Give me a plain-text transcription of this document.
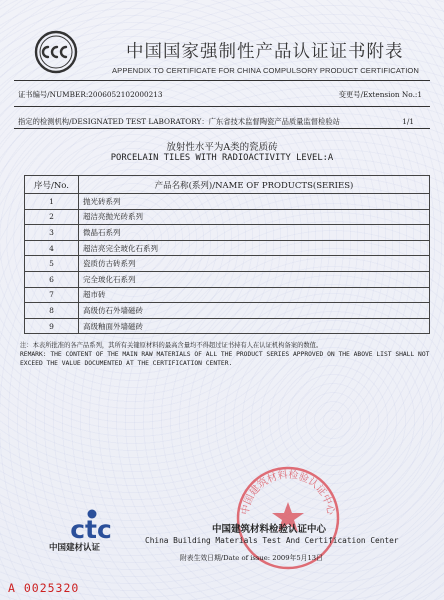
中国国家强制性产品认证证书附表
APPENDIX TO CERTIFICATE FOR CHINA COMPULSORY PRODUCT CERTIFICATION
证书编号/NUMBER:2006052102000213	变更号/Extension No.:1
指定的检测机构/DESIGNATED TEST LABORATORY：广东省技术监督陶瓷产品质量监督检验站	1/1
放射性水平为A类的瓷质砖
PORCELAIN TILES WITH RADIOACTIVITY LEVEL:A
序号/No.	产品名称(系列)/NAME OF PRODUCTS(SERIES)
1	抛光砖系列
2	超洁亮抛光砖系列
3	微晶石系列
4	超洁亮完全玻化石系列
5	瓷质仿古砖系列
6	完全玻化石系列
7	超市砖
8	高级仿石外墙磁砖
9	高级釉面外墙磁砖
注：本表所批准的各产品系列，其所有关键原材料的最高含量均不得超过证书持有人在认证机构备案的数值。
REMARK: THE CONTENT OF THE MAIN RAW MATERIALS OF ALL THE PRODUCT SERIES APPROVED ON THE ABOVE LIST SHALL NOT EXCEED THE VALUE DOCUMENTED AT THE CERTIFICATION CENTER.
ctc
中国建材认证
中国建筑材料检验认证中心
中国建筑材料检验认证中心
China Building Materials Test And Certification Center
附表生效日期/Date of issue: 2009年5月13日
A 0025320
